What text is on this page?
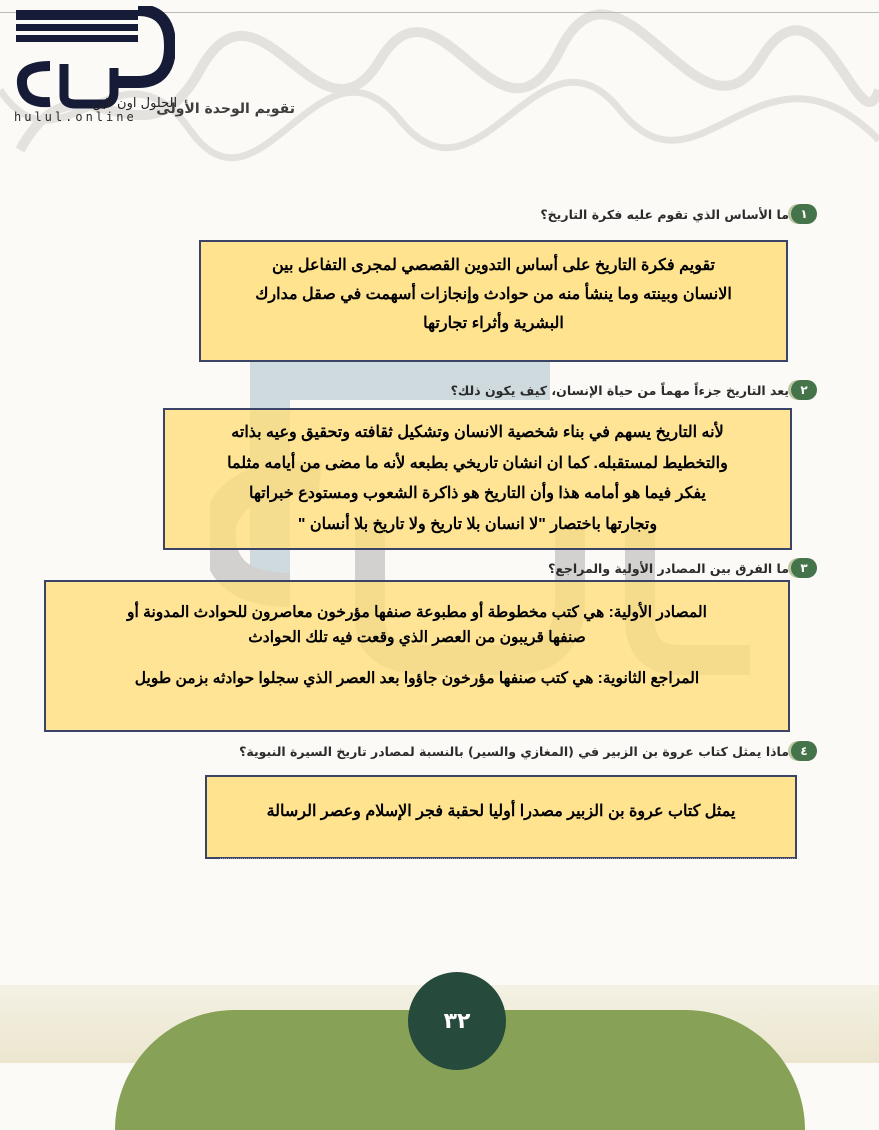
الحلول اون لاين
hulul.online تقويم الوحدة الأولى
١
ما الأساس الذي تقوم عليه فكرة التاريخ؟

تقويم فكرة التاريخ على أساس التدوين القصصي لمجرى التفاعل بين

الانسان وبينته وما ينشأ منه من حوادث وإنجازات أسهمت في صقل مدارك

البشرية وأثراء تجارتها

٢
يعد التاريخ جزءاً مهماً من حياة الإنسان، كيف يكون ذلك؟

لأنه التاريخ يسهم في بناء شخصية الانسان وتشكيل ثقافته وتحقيق وعيه بذاته

والتخطيط لمستقبله. كما ان انشان تاريخي بطبعه لأنه ما مضى من أيامه مثلما

يفكر فيما هو أمامه هذا وأن التاريخ هو ذاكرة الشعوب ومستودع خبراتها

وتجارتها باختصار "لا انسان بلا تاريخ ولا تاريخ بلا أنسان "

٣
ما الفرق بين المصادر الأولية والمراجع؟

المصادر الأولية: هي كتب مخطوطة أو مطبوعة صنفها مؤرخون معاصرون للحوادث المدونة أو

صنفها قريبون من العصر الذي وقعت فيه تلك الحوادث

المراجع الثانوية: هي كتب صنفها مؤرخون جاؤوا بعد العصر الذي سجلوا حوادثه بزمن طويل

٤
ماذا يمثل كتاب عروة بن الزبير في (المغازي والسير) بالنسبة لمصادر تاريخ السيرة النبوية؟

يمثل كتاب عروة بن الزبير مصدرا أوليا لحقبة فجر الإسلام وعصر الرسالة

٣٢
